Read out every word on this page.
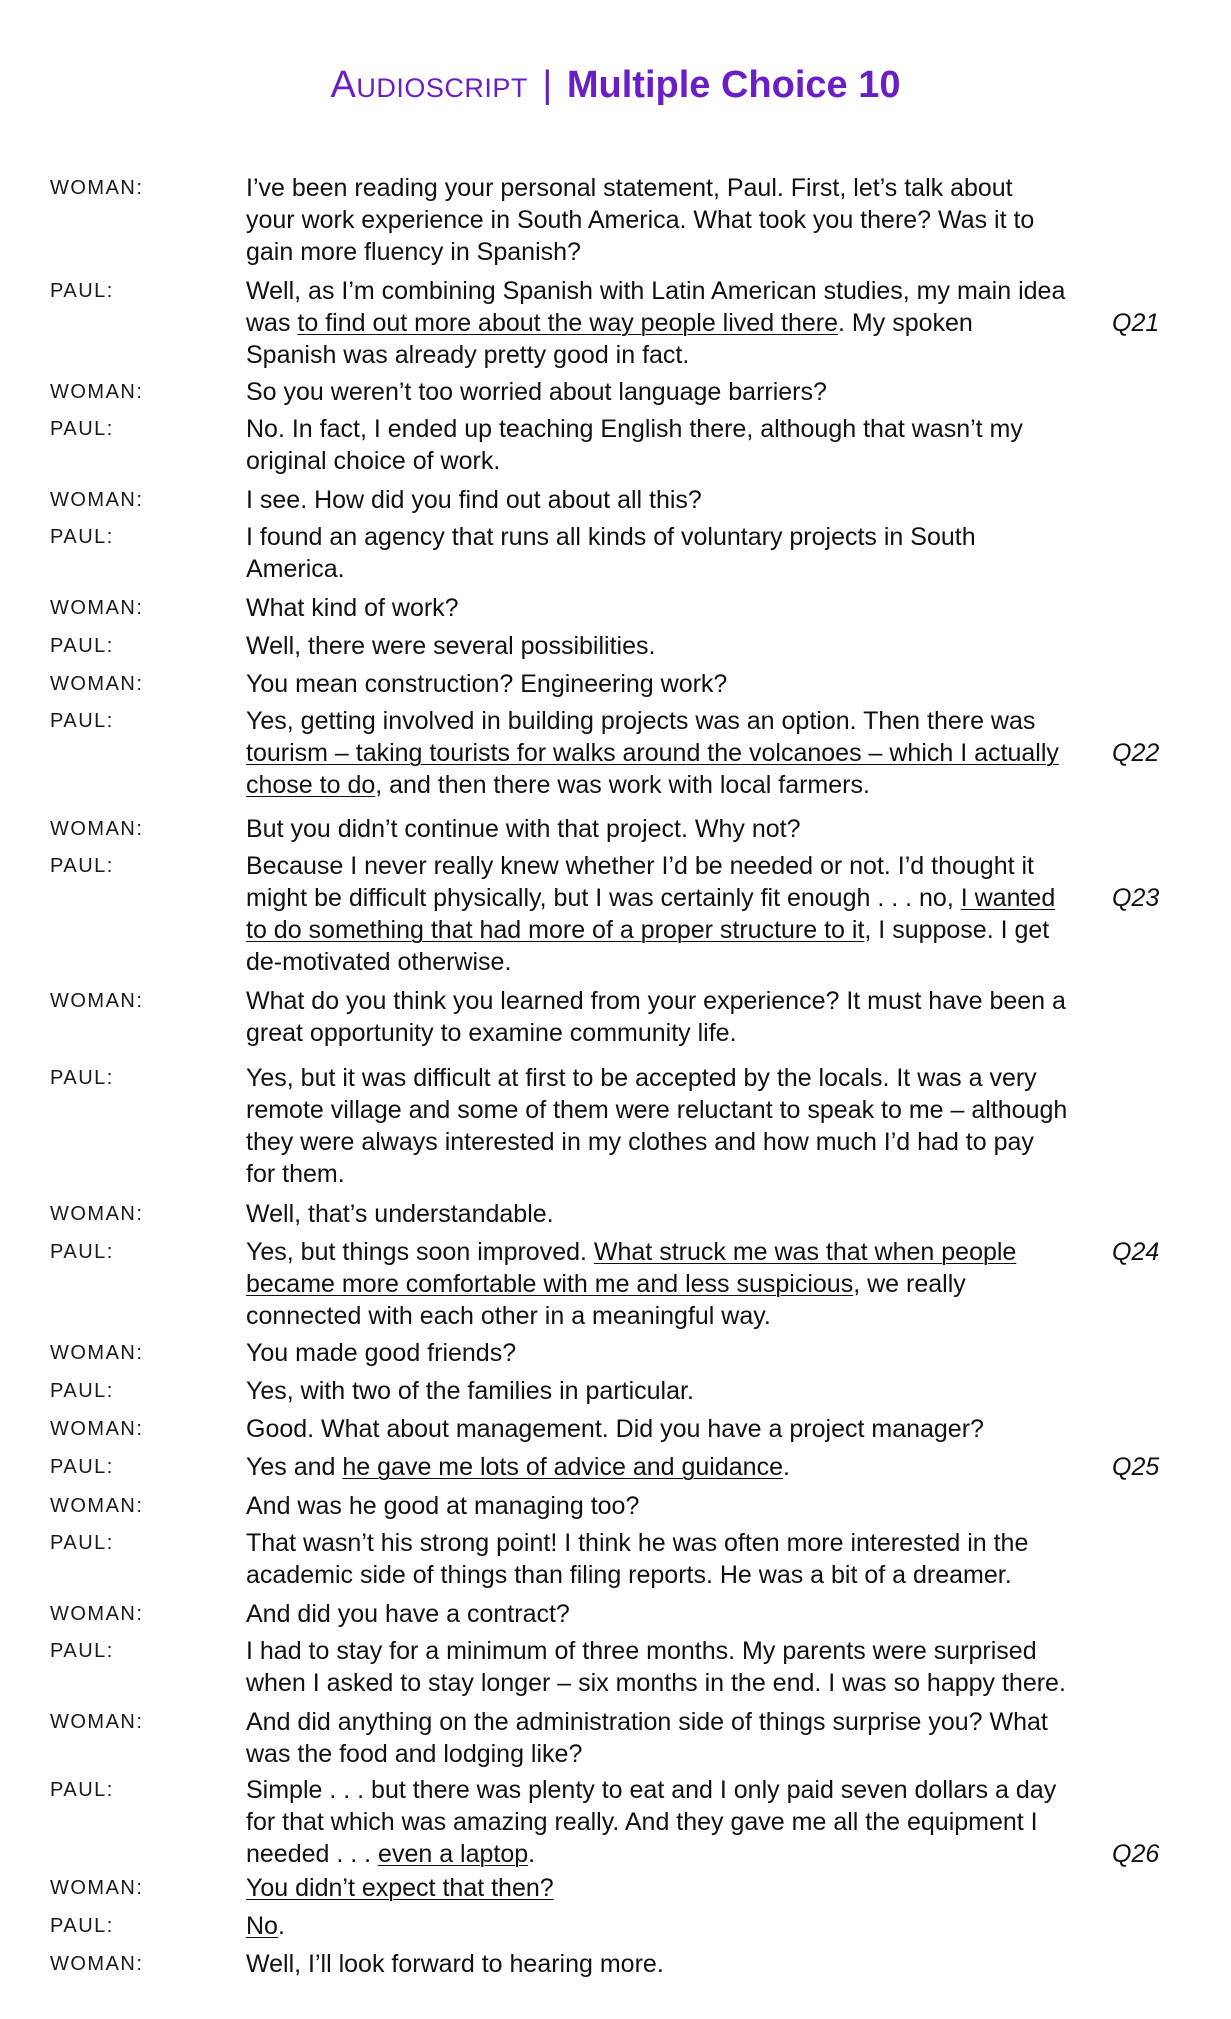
Audioscript | Multiple Choice 10
WOMAN:	I’ve been reading your personal statement, Paul. First, let’s talk about
your work experience in South America. What took you there? Was it to
gain more fluency in Spanish?
PAUL:	Well, as I’m combining Spanish with Latin American studies, my main idea
was to find out more about the way people lived there. My spoken
Spanish was already pretty good in fact.
Q21
WOMAN:	So you weren’t too worried about language barriers?
PAUL:	No. In fact, I ended up teaching English there, although that wasn’t my
original choice of work.
WOMAN:	I see. How did you find out about all this?
PAUL:	I found an agency that runs all kinds of voluntary projects in South
America.
WOMAN:	What kind of work?
PAUL:	Well, there were several possibilities.
WOMAN:	You mean construction? Engineering work?
PAUL:	Yes, getting involved in building projects was an option. Then there was
tourism – taking tourists for walks around the volcanoes – which I actually
chose to do, and then there was work with local farmers.
Q22
WOMAN:	But you didn’t continue with that project. Why not?
PAUL:	Because I never really knew whether I’d be needed or not. I’d thought it
might be difficult physically, but I was certainly fit enough . . . no, I wanted
to do something that had more of a proper structure to it, I suppose. I get
de-motivated otherwise.
Q23
WOMAN:	What do you think you learned from your experience? It must have been a
great opportunity to examine community life.
PAUL:	Yes, but it was difficult at first to be accepted by the locals. It was a very
remote village and some of them were reluctant to speak to me – although
they were always interested in my clothes and how much I’d had to pay
for them.
WOMAN:	Well, that’s understandable.
PAUL:	Yes, but things soon improved. What struck me was that when people
became more comfortable with me and less suspicious, we really
connected with each other in a meaningful way.
Q24
WOMAN:	You made good friends?
PAUL:	Yes, with two of the families in particular.
WOMAN:	Good. What about management. Did you have a project manager?
PAUL:	Yes and he gave me lots of advice and guidance.	Q25
WOMAN:	And was he good at managing too?
PAUL:	That wasn’t his strong point! I think he was often more interested in the
academic side of things than filing reports. He was a bit of a dreamer.
WOMAN:	And did you have a contract?
PAUL:	I had to stay for a minimum of three months. My parents were surprised
when I asked to stay longer – six months in the end. I was so happy there.
WOMAN:	And did anything on the administration side of things surprise you? What
was the food and lodging like?
PAUL:	Simple . . . but there was plenty to eat and I only paid seven dollars a day
for that which was amazing really. And they gave me all the equipment I
needed . . . even a laptop.	Q26
WOMAN:	You didn’t expect that then?
PAUL:	No.
WOMAN:	Well, I’ll look forward to hearing more.
